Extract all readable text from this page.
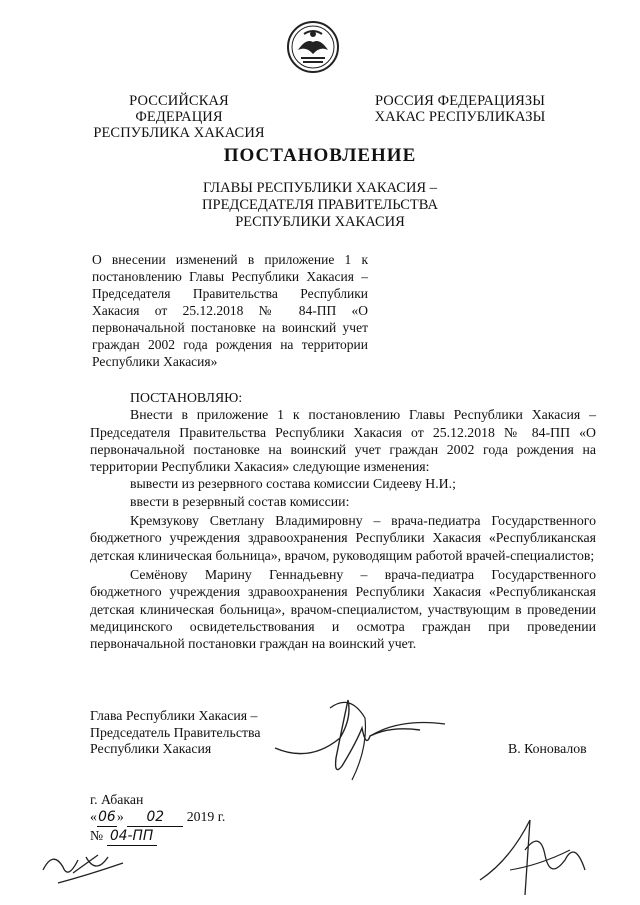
РОССИЙСКАЯ ФЕДЕРАЦИЯ
РЕСПУБЛИКА ХАКАСИЯ
РОССИЯ ФЕДЕРАЦИЯЗЫ
ХАКАС РЕСПУБЛИКАЗЫ
ПОСТАНОВЛЕНИЕ
ГЛАВЫ РЕСПУБЛИКИ ХАКАСИЯ –
ПРЕДСЕДАТЕЛЯ ПРАВИТЕЛЬСТВА
РЕСПУБЛИКИ ХАКАСИЯ
О внесении изменений в приложение 1 к постановлению Главы Республики Хакасия – Председателя Правительства Республики Хакасия от 25.12.2018 № 84-ПП «О первоначальной постановке на воинский учет граждан 2002 года рождения на территории Республики Хакасия»

ПОСТАНОВЛЯЮ:

Внести в приложение 1 к постановлению Главы Республики Хакасия – Председателя Правительства Республики Хакасия от 25.12.2018 № 84-ПП «О первоначальной постановке на воинский учет граждан 2002 года рождения на территории Республики Хакасия» следующие изменения:

вывести из резервного состава комиссии Сидееву Н.И.;

ввести в резервный состав комиссии:

Кремзукову Светлану Владимировну – врача-педиатра Государственного бюджетного учреждения здравоохранения Республики Хакасия «Республиканская детская клиническая больница», врачом, руководящим работой врачей-специалистов;

Семёнову Марину Геннадьевну – врача-педиатра Государственного бюджетного учреждения здравоохранения Республики Хакасия «Республиканская детская клиническая больница», врачом-специалистом, участвующим в проведении медицинского освидетельствования и осмотра граждан при проведении первоначальной постановки граждан на воинский учет.

Глава Республики Хакасия –
Председатель Правительства
Республики Хакасия	В. Коновалов
г. Абакан
«06» 02 2019 г.
№ 04-ПП
